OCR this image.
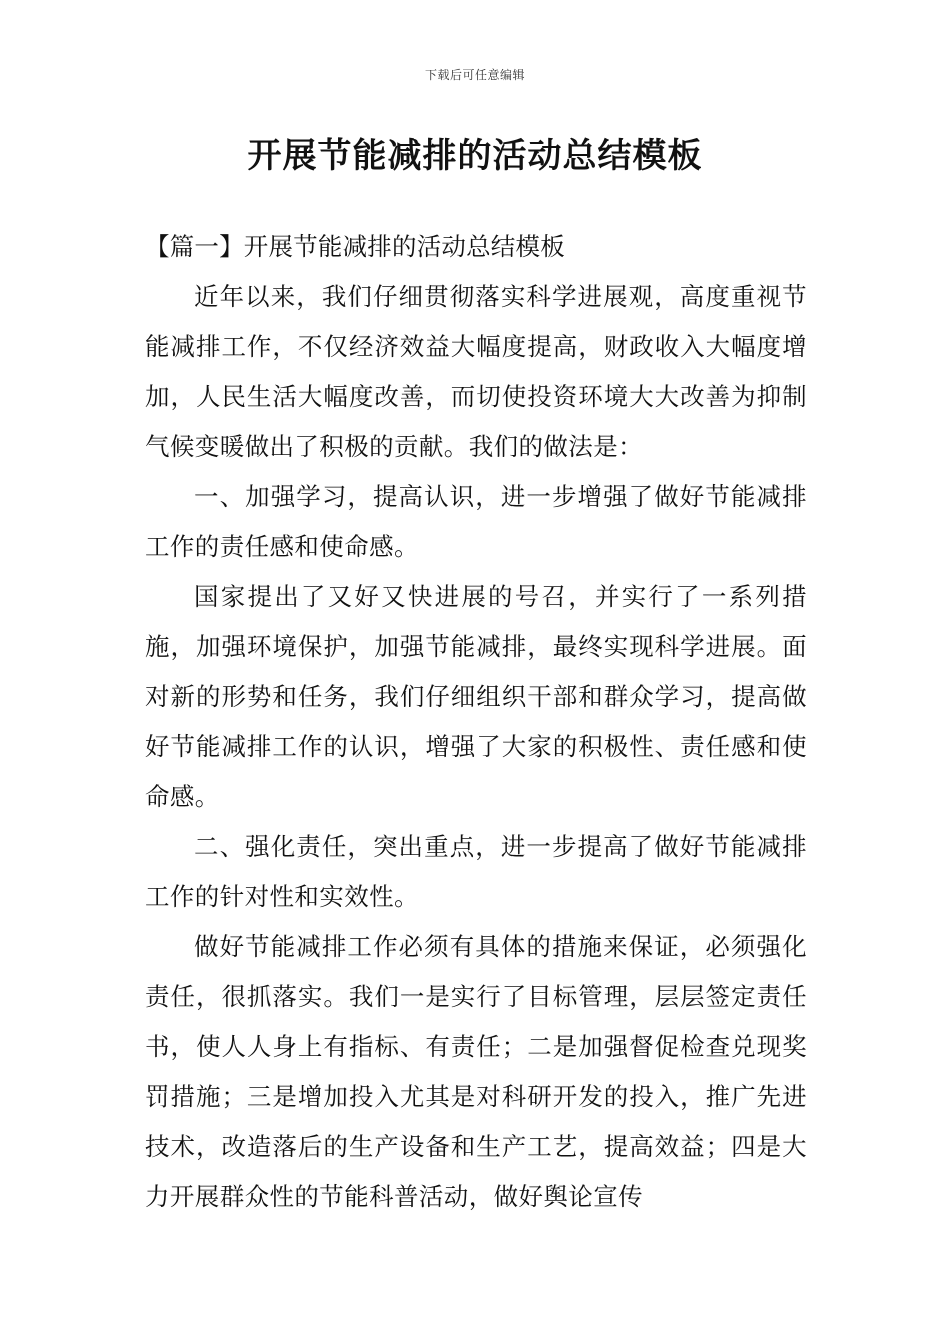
下载后可任意编辑
开展节能减排的活动总结模板

【篇一】开展节能减排的活动总结模板

近年以来，我们仔细贯彻落实科学进展观，高度重视节能减排工作，不仅经济效益大幅度提高，财政收入大幅度增加，人民生活大幅度改善，而切使投资环境大大改善为抑制气候变暖做出了积极的贡献。我们的做法是：

一、加强学习，提高认识，进一步增强了做好节能减排工作的责任感和使命感。

国家提出了又好又快进展的号召，并实行了一系列措施，加强环境保护，加强节能减排，最终实现科学进展。面对新的形势和任务，我们仔细组织干部和群众学习，提高做好节能减排工作的认识，增强了大家的积极性、责任感和使命感。

二、强化责任，突出重点，进一步提高了做好节能减排工作的针对性和实效性。

做好节能减排工作必须有具体的措施来保证，必须强化责任，很抓落实。我们一是实行了目标管理，层层签定责任书，使人人身上有指标、有责任；二是加强督促检查兑现奖罚措施；三是增加投入尤其是对科研开发的投入，推广先进技术，改造落后的生产设备和生产工艺，提高效益；四是大力开展群众性的节能科普活动，做好舆论宣传
